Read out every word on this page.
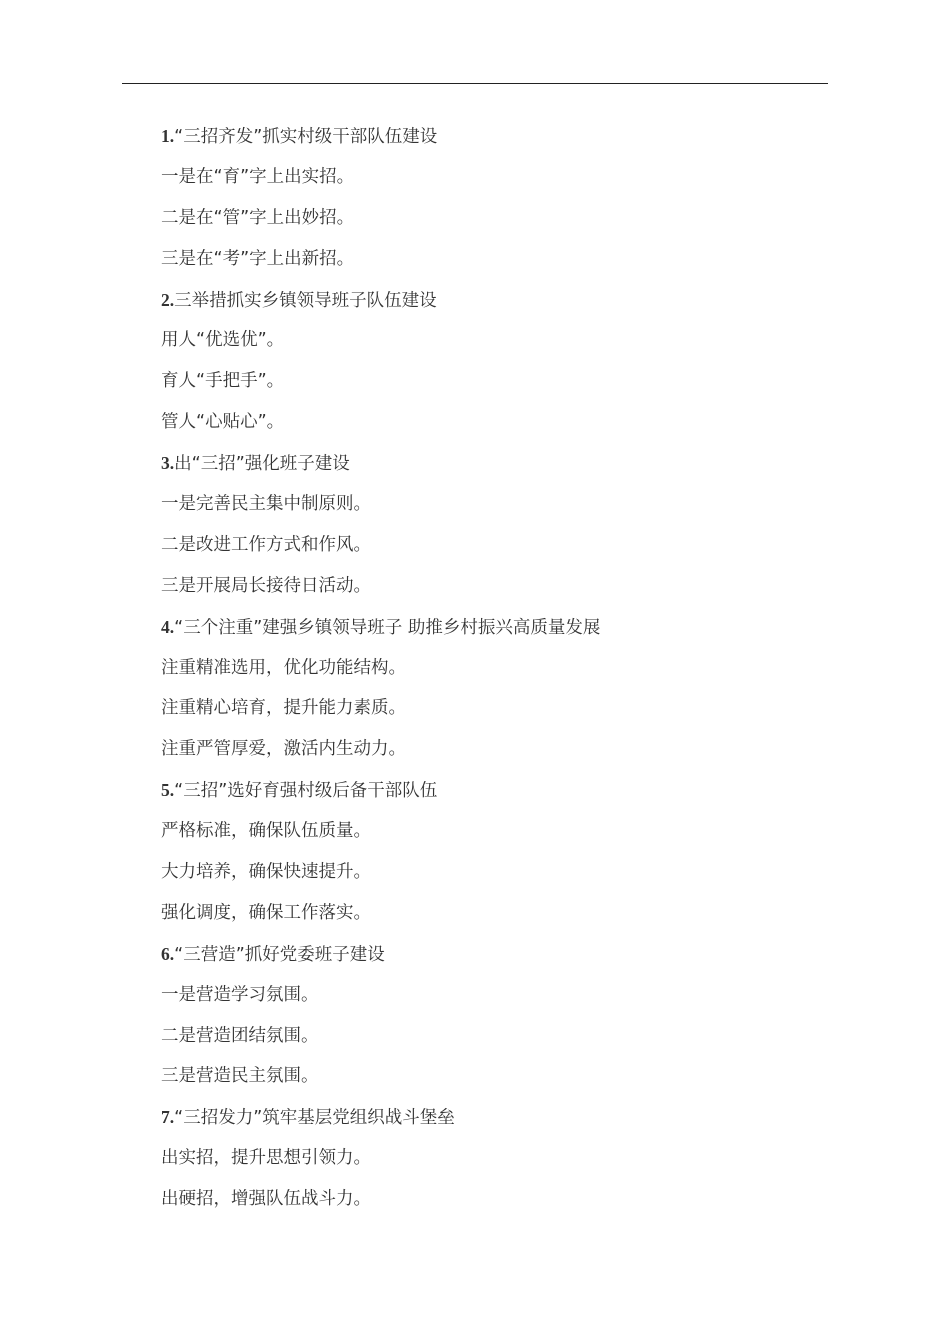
1.“三招齐发”抓实村级干部队伍建设
一是在“育”字上出实招。
二是在“管”字上出妙招。
三是在“考”字上出新招。
2.三举措抓实乡镇领导班子队伍建设
用人“优选优”。
育人“手把手”。
管人“心贴心”。
3.出“三招”强化班子建设
一是完善民主集中制原则。
二是改进工作方式和作风。
三是开展局长接待日活动。
4.“三个注重”建强乡镇领导班子 助推乡村振兴高质量发展
注重精准选用，优化功能结构。
注重精心培育，提升能力素质。
注重严管厚爱，激活内生动力。
5.“三招”选好育强村级后备干部队伍
严格标准，确保队伍质量。
大力培养，确保快速提升。
强化调度，确保工作落实。
6.“三营造”抓好党委班子建设
一是营造学习氛围。
二是营造团结氛围。
三是营造民主氛围。
7.“三招发力”筑牢基层党组织战斗堡垒
出实招，提升思想引领力。
出硬招，增强队伍战斗力。
